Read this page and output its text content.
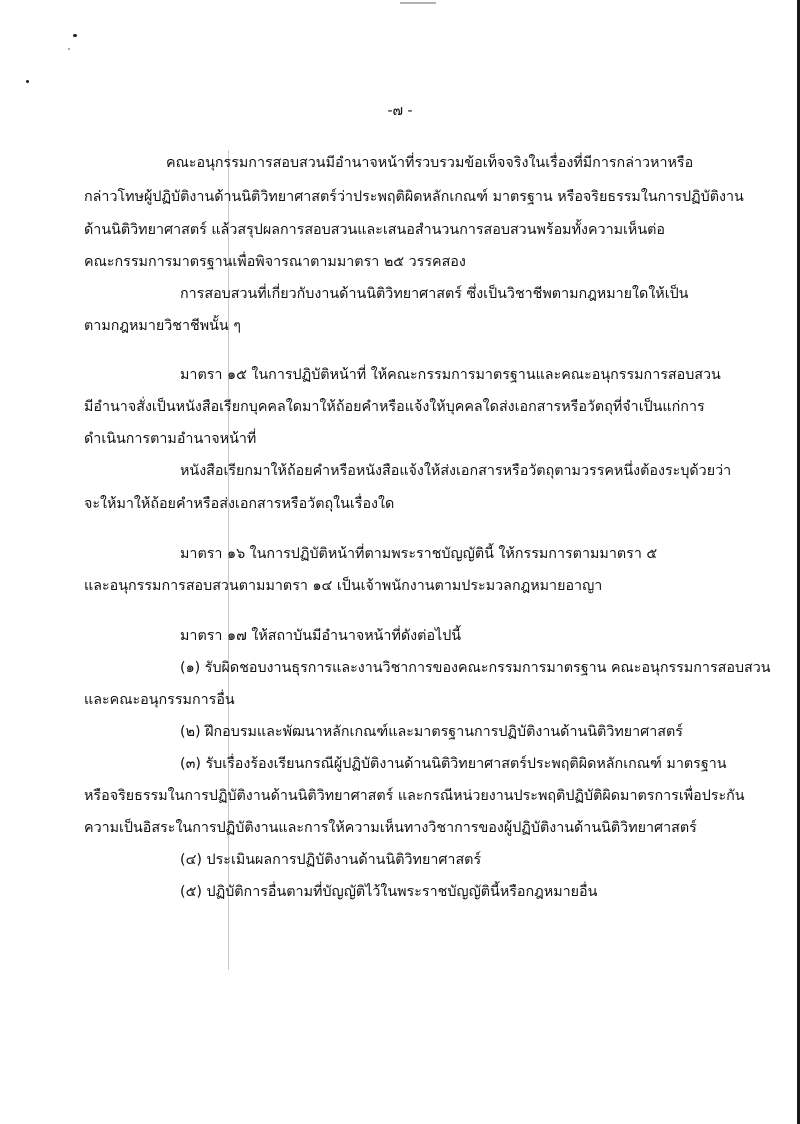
-๗ -
คณะอนุกรรมการสอบสวนมีอำนาจหน้าที่รวบรวมข้อเท็จจริงในเรื่องที่มีการกล่าวหาหรือ
กล่าวโทษผู้ปฏิบัติงานด้านนิติวิทยาศาสตร์ว่าประพฤติผิดหลักเกณฑ์ มาตรฐาน หรือจริยธรรมในการปฏิบัติงาน
ด้านนิติวิทยาศาสตร์ แล้วสรุปผลการสอบสวนและเสนอสำนวนการสอบสวนพร้อมทั้งความเห็นต่อ
คณะกรรมการมาตรฐานเพื่อพิจารณาตามมาตรา ๒๕ วรรคสอง
การสอบสวนที่เกี่ยวกับงานด้านนิติวิทยาศาสตร์ ซึ่งเป็นวิชาชีพตามกฎหมายใดให้เป็น
ตามกฎหมายวิชาชีพนั้น ๆ
มาตรา ๑๕ ในการปฏิบัติหน้าที่ ให้คณะกรรมการมาตรฐานและคณะอนุกรรมการสอบสวน
มีอำนาจสั่งเป็นหนังสือเรียกบุคคลใดมาให้ถ้อยคำหรือแจ้งให้บุคคลใดส่งเอกสารหรือวัตถุที่จำเป็นแก่การ
ดำเนินการตามอำนาจหน้าที่
หนังสือเรียกมาให้ถ้อยคำหรือหนังสือแจ้งให้ส่งเอกสารหรือวัตถุตามวรรคหนึ่งต้องระบุด้วยว่า
จะให้มาให้ถ้อยคำหรือส่งเอกสารหรือวัตถุในเรื่องใด
มาตรา ๑๖ ในการปฏิบัติหน้าที่ตามพระราชบัญญัตินี้ ให้กรรมการตามมาตรา ๕
และอนุกรรมการสอบสวนตามมาตรา ๑๔ เป็นเจ้าพนักงานตามประมวลกฎหมายอาญา
มาตรา ๑๗ ให้สถาบันมีอำนาจหน้าที่ดังต่อไปนี้
(๑) รับผิดชอบงานธุรการและงานวิชาการของคณะกรรมการมาตรฐาน คณะอนุกรรมการสอบสวน
และคณะอนุกรรมการอื่น
(๒) ฝึกอบรมและพัฒนาหลักเกณฑ์และมาตรฐานการปฏิบัติงานด้านนิติวิทยาศาสตร์
(๓) รับเรื่องร้องเรียนกรณีผู้ปฏิบัติงานด้านนิติวิทยาศาสตร์ประพฤติผิดหลักเกณฑ์ มาตรฐาน
หรือจริยธรรมในการปฏิบัติงานด้านนิติวิทยาศาสตร์ และกรณีหน่วยงานประพฤติปฏิบัติผิดมาตรการเพื่อประกัน
ความเป็นอิสระในการปฏิบัติงานและการให้ความเห็นทางวิชาการของผู้ปฏิบัติงานด้านนิติวิทยาศาสตร์
(๔) ประเมินผลการปฏิบัติงานด้านนิติวิทยาศาสตร์
(๕) ปฏิบัติการอื่นตามที่บัญญัติไว้ในพระราชบัญญัตินี้หรือกฎหมายอื่น
